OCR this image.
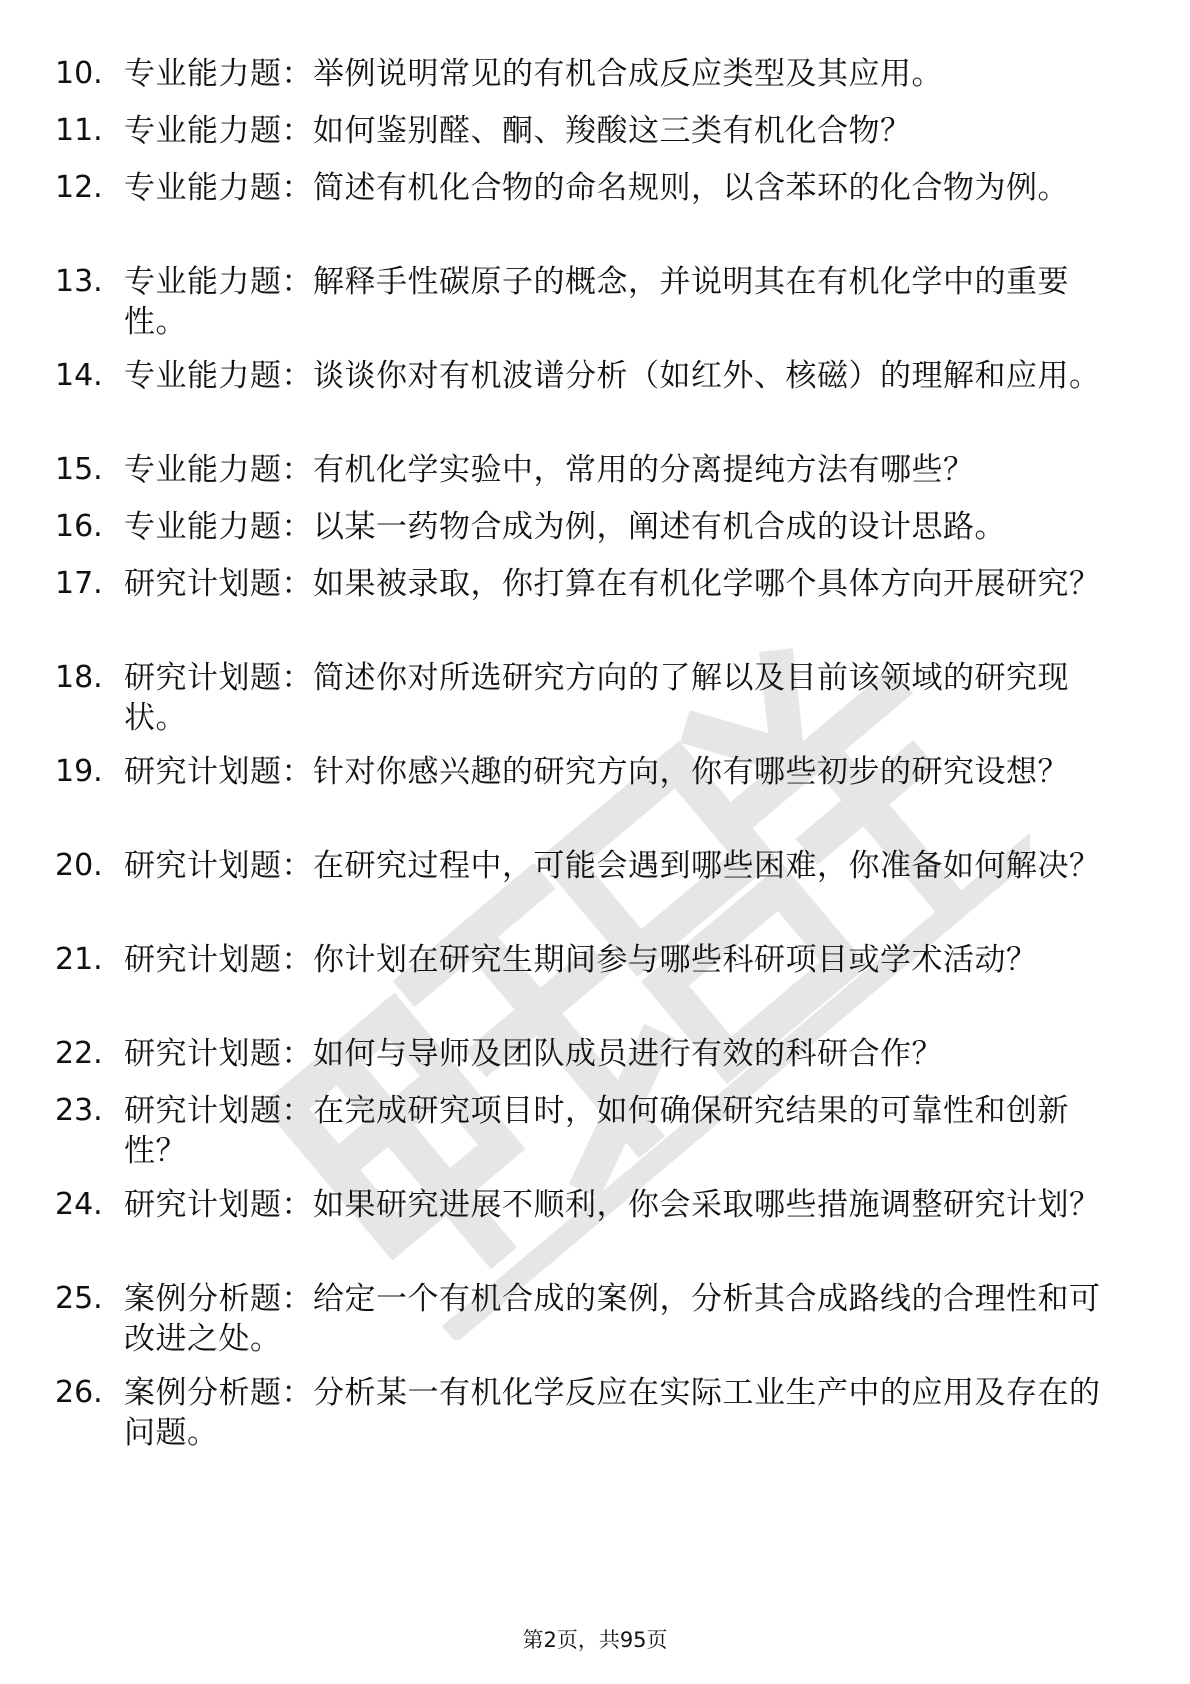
10. 专业能力题：举例说明常见的有机合成反应类型及其应用。
11. 专业能力题：如何鉴别醛、酮、羧酸这三类有机化合物？
12. 专业能力题：简述有机化合物的命名规则，以含苯环的化合物为例。
13. 专业能力题：解释手性碳原子的概念，并说明其在有机化学中的重要性。
14. 专业能力题：谈谈你对有机波谱分析（如红外、核磁）的理解和应用。
15. 专业能力题：有机化学实验中，常用的分离提纯方法有哪些？
16. 专业能力题：以某一药物合成为例，阐述有机合成的设计思路。
17. 研究计划题：如果被录取，你打算在有机化学哪个具体方向开展研究？
18. 研究计划题：简述你对所选研究方向的了解以及目前该领域的研究现状。
19. 研究计划题：针对你感兴趣的研究方向，你有哪些初步的研究设想？
20. 研究计划题：在研究过程中，可能会遇到哪些困难，你准备如何解决？
21. 研究计划题：你计划在研究生期间参与哪些科研项目或学术活动？
22. 研究计划题：如何与导师及团队成员进行有效的科研合作？
23. 研究计划题：在完成研究项目时，如何确保研究结果的可靠性和创新性？
24. 研究计划题：如果研究进展不顺利，你会采取哪些措施调整研究计划？
25. 案例分析题：给定一个有机合成的案例，分析其合成路线的合理性和可改进之处。
26. 案例分析题：分析某一有机化学反应在实际工业生产中的应用及存在的问题。
第2页，共95页
